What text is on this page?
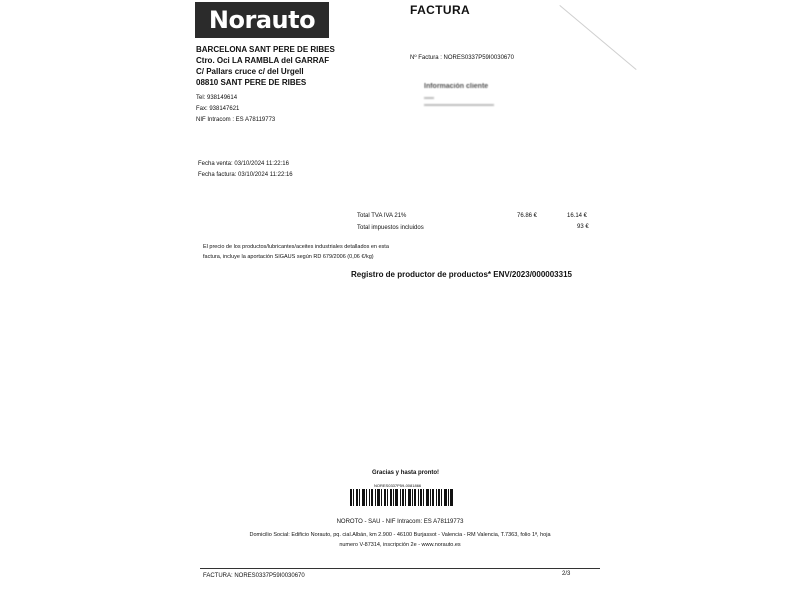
Norauto	FACTURA
BARCELONA SANT PERE DE RIBES
Ctro. Oci LA RAMBLA del GARRAF
C/ Pallars cruce c/ del Urgell
08810 SANT PERE DE RIBES
Tel: 938149614
Fax: 938147621
NIF Intracom : ES A78119773
Nº Factura : NORES0337P59I0030670
Información cliente
Fecha venta: 03/10/2024 11:22:16
Fecha factura: 03/10/2024 11:22:16
Total TVA IVA 21%	76.86 €	16.14 €
Total impuestos incluidos	93 €
El precio de los productos/lubricantes/aceites industriales detallados en esta factura, incluye la aportación SIGAUS según RD 679/2006 (0,06 €/kg)
Registro de productor de productos* ENV/2023/000003315
Gracias y hasta pronto!
NORES0337P59-0081866
NOROTO - SAU - NIF Intracom: ES A78119773
Domicilio Social: Edificio Norauto, pq. cial.Albán, km 2.900 - 46100 Burjassot - Valencia - RM Valencia, T.7363, folio 1ª, hoja numero V-87314, inscripción 2e - www.norauto.es
FACTURA: NORES0337P59I0030670	2/3
